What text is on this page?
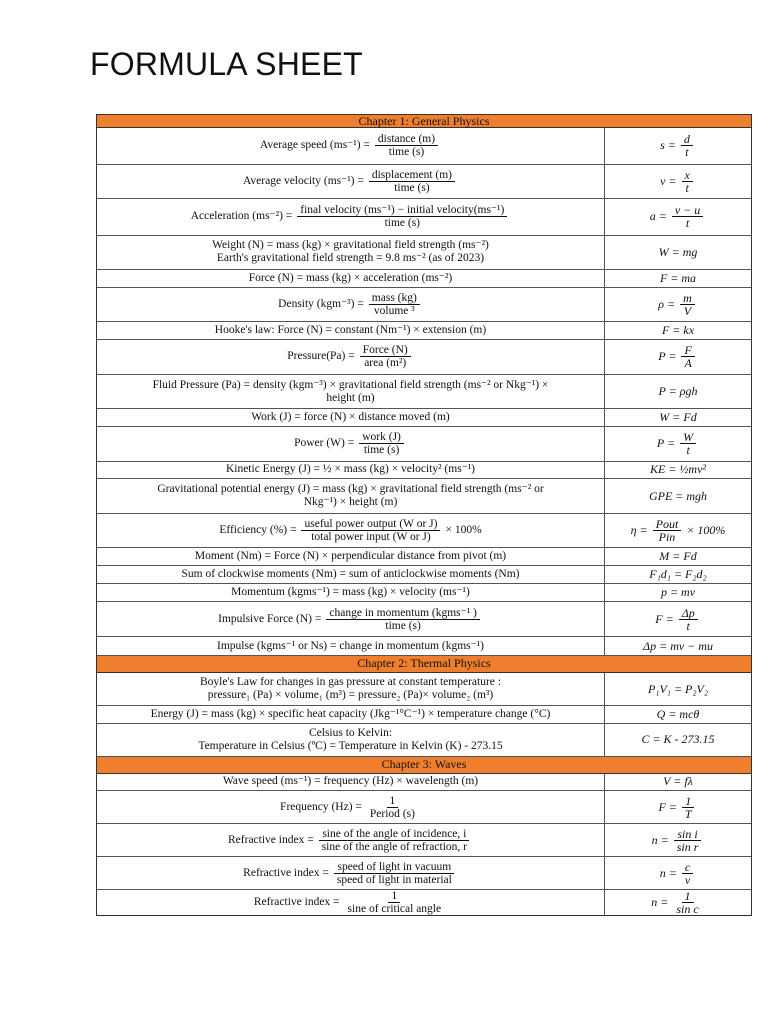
FORMULA SHEET
Chapter 1: General Physics
Average speed $(ms^{-1}) = \frac{\text{distance (m)}}{\text{time (s)}}$	$s = \frac{d}{t}$
Average velocity $(ms^{-1}) = \frac{\text{displacement (m)}}{\text{time (s)}}$	$v = \frac{x}{t}$
Acceleration $(ms^{-2}) = \frac{\text{final velocity (ms⁻¹) − initial velocity(ms⁻¹)}}{\text{time (s)}}$	$a = \frac{v - u}{t}$
Weight (N) = mass (kg) × gravitational field strength (ms⁻²)
Earth's gravitational field strength = 9.8 ms⁻² (as of 2023)	W = mg
Force (N) = mass (kg) × acceleration (ms⁻²)	F = ma
Density $(kgm^{-3}) = \frac{\text{mass (kg)}}{\text{volume ³}}$	$\rho = \frac{m}{V}$
Hooke's law: Force (N) = constant (Nm⁻¹) × extension (m)	F = kx
Pressure(Pa) = $\frac{\text{Force (N)}}{\text{area (m²)}}$	$P = \frac{F}{A}$
Fluid Pressure (Pa) = density (kgm⁻³) × gravitational field strength (ms⁻² or Nkg⁻¹) ×
height (m)	P = ρgh
Work (J) = force (N) × distance moved (m)	W = Fd
Power $(W) = \frac{\text{work (J)}}{\text{time (s)}}$	$P = \frac{W}{t}$
Kinetic Energy (J) = ½ × mass (kg) × velocity² (ms⁻¹)	KE = ½mv²
Gravitational potential energy (J) = mass (kg) × gravitational field strength (ms⁻² or
Nkg⁻¹) × height (m)	GPE = mgh
Efficiency (%) = $\frac{\text{useful power output (W or J)}}{\text{total power input (W or J)}} \times 100\%$	$\eta = \frac{\text{Pout}}{\text{Pin}} \times 100\%$
Moment (Nm) = Force (N) × perpendicular distance from pivot (m)	M = Fd
Sum of clockwise moments (Nm) = sum of anticlockwise moments (Nm)	F₁d₁ = F₂d₂
Momentum (kgms⁻¹) = mass (kg) × velocity (ms⁻¹)	p = mv
Impulsive Force $(N) = \frac{\text{change in momentum (kgms⁻¹ )}}{\text{time (s)}}$	$F = \frac{\Delta p}{t}$
Impulse (kgms⁻¹ or Ns) = change in momentum (kgms⁻¹)	Δp = mv − mu
Chapter 2: Thermal Physics
Boyle's Law for changes in gas pressure at constant temperature :
pressure₁ (Pa) × volume₁ (m³) = pressure₂ (Pa)× volume₂ (m³)	P₁V₁ = P₂V₂
Energy (J) = mass (kg) × specific heat capacity (Jkg⁻¹°C⁻¹) × temperature change (°C)	Q = mcθ
Celsius to Kelvin:
Temperature in Celsius (ºC) = Temperature in Kelvin (K) - 273.15	C = K - 273.15
Chapter 3: Waves
Wave speed (ms⁻¹) = frequency (Hz) × wavelength (m)	V = fλ
Frequency $(Hz) = \frac{1}{\text{Period (s)}}$	$F = \frac{1}{T}$
Refractive index = $\frac{\text{sine of the angle of incidence, i}}{\text{sine of the angle of refraction, r}}$	$n = \frac{\text{sin i}}{\text{sin r}}$
Refractive index = $\frac{\text{speed of light in vacuum}}{\text{speed of light in material}}$	$n = \frac{c}{v}$
Refractive index = $\frac{1}{\text{sine of critical angle}}$	$n = \frac{1}{\text{sin c}}$
